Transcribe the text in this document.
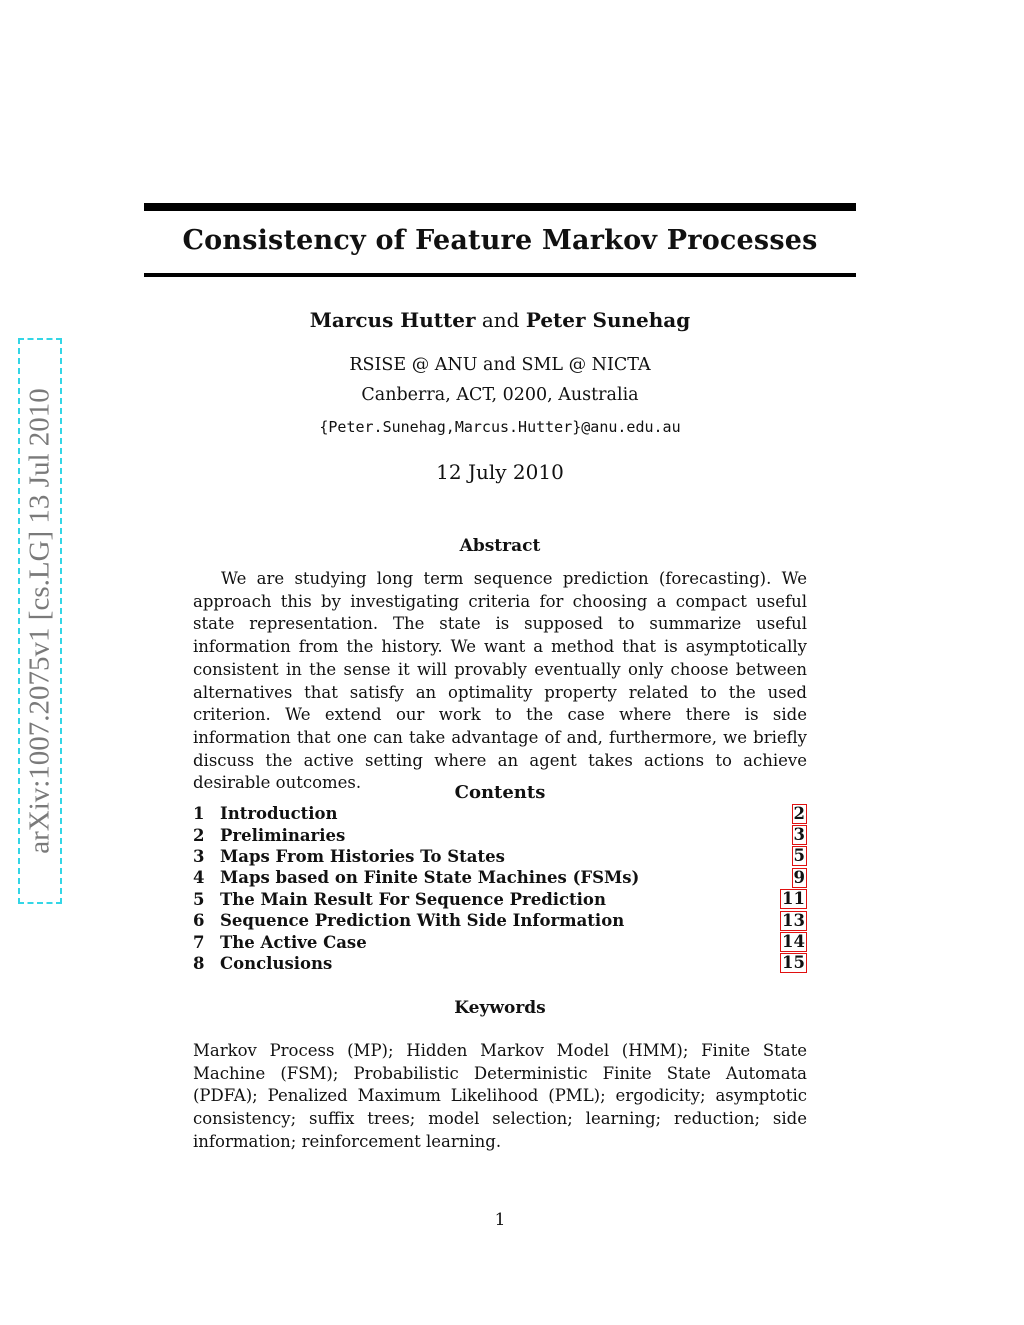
arXiv:1007.2075v1 [cs.LG] 13 Jul 2010
Consistency of Feature Markov Processes
Marcus Hutter and Peter Sunehag
RSISE @ ANU and SML @ NICTA
Canberra, ACT, 0200, Australia
{Peter.Sunehag,Marcus.Hutter}@anu.edu.au
12 July 2010
Abstract

We are studying long term sequence prediction (forecasting). We approach this by investigating criteria for choosing a compact useful state representation. The state is supposed to summarize useful information from the history. We want a method that is asymptotically consistent in the sense it will provably eventually only choose between alternatives that satisfy an optimality property related to the used criterion. We extend our work to the case where there is side information that one can take advantage of and, furthermore, we briefly discuss the active setting where an agent takes actions to achieve desirable outcomes.	Contents
1 Introduction	2
2 Preliminaries	3
3 Maps From Histories To States	5
4 Maps based on Finite State Machines (FSMs)	9
5 The Main Result For Sequence Prediction	11
6 Sequence Prediction With Side Information	13
7 The Active Case	14
8 Conclusions	15
Keywords

Markov Process (MP); Hidden Markov Model (HMM); Finite State Machine (FSM); Probabilistic Deterministic Finite State Automata (PDFA); Penalized Maximum Likelihood (PML); ergodicity; asymptotic consistency; suffix trees; model selection; learning; reduction; side information; reinforcement learning.

1
